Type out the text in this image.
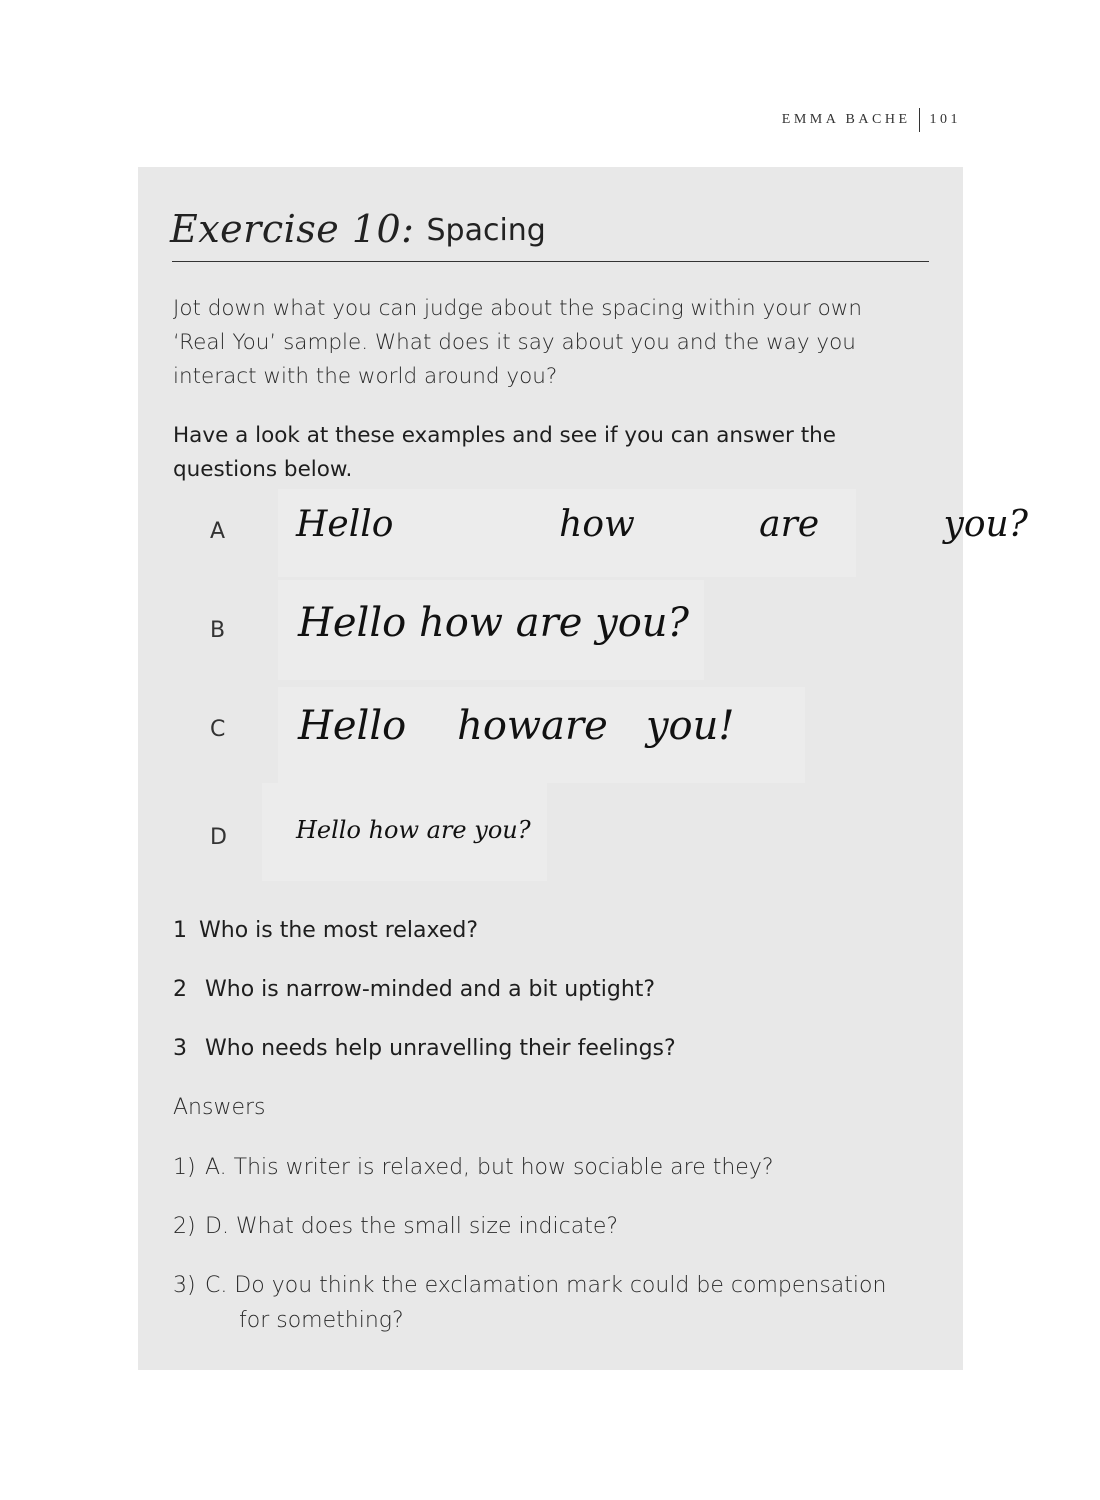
EMMA BACHE 101
Exercise 10: Spacing
Jot down what you can judge about the spacing within your own ‘Real You’ sample. What does it say about you and the way you interact with the world around you?
Have a look at these examples and see if you can answer the questions below.
A	Hello    how   are   you?
B	Hello how are you?
C	Hello    howare   you!
D	Hello how are you?
1 Who is the most relaxed?
2 Who is narrow-minded and a bit uptight?
3 Who needs help unravelling their feelings?
Answers
1) A. This writer is relaxed, but how sociable are they?
2) D. What does the small size indicate?
3) C. Do you think the exclamation mark could be compensation
for something?
